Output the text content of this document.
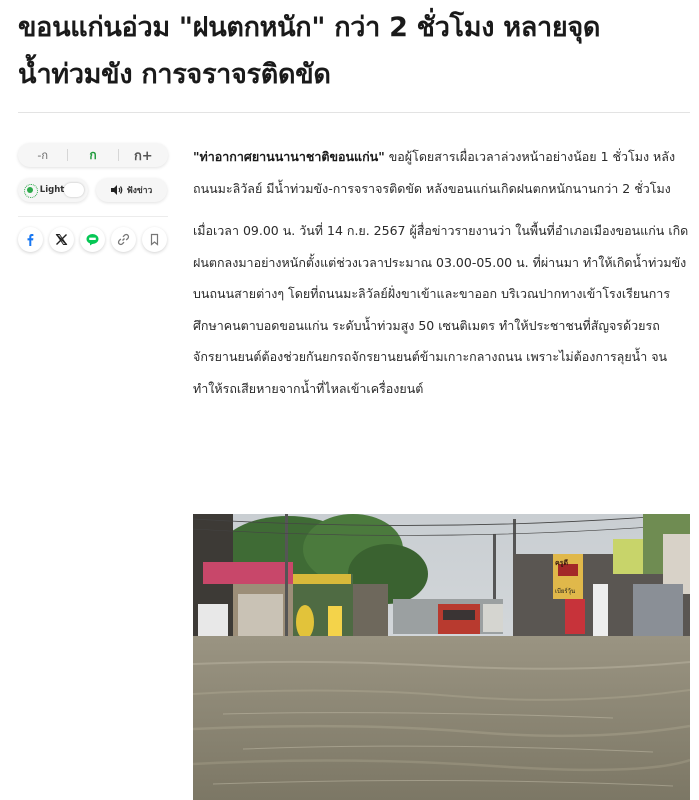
ขอนแก่นอ่วม "ฝนตกหนัก" กว่า 2 ชั่วโมง หลายจุด
น้ำท่วมขัง การจราจรติดขัด
-ก	ก	ก+
Light	ฟังข่าว

"ท่าอากาศยานนานาชาติขอนแก่น" ขอผู้โดยสารเผื่อเวลาล่วงหน้าอย่างน้อย 1 ชั่วโมง หลังถนนมะลิวัลย์ มีน้ำท่วมขัง-การจราจรติดขัด หลังขอนแก่นเกิดฝนตกหนักนานกว่า 2 ชั่วโมง

เมื่อเวลา 09.00 น. วันที่ 14 ก.ย. 2567 ผู้สื่อข่าวรายงานว่า ในพื้นที่อำเภอเมืองขอนแก่น เกิดฝนตกลงมาอย่างหนักตั้งแต่ช่วงเวลาประมาณ 03.00-05.00 น. ที่ผ่านมา ทำให้เกิดน้ำท่วมขังบนถนนสายต่างๆ โดยที่ถนนมะลิวัลย์ฝั่งขาเข้าและขาออก บริเวณปากทางเข้าโรงเรียนการศึกษาคนตาบอดขอนแก่น ระดับน้ำท่วมสูง 50 เซนติเมตร ทำให้ประชาชนที่สัญจรด้วยรถจักรยานยนต์ต้องช่วยกันยกรถจักรยานยนต์ข้ามเกาะกลางถนน เพราะไม่ต้องการลุยน้ำ จนทำให้รถเสียหายจากน้ำที่ไหลเข้าเครื่องยนต์

ครูดี
เบียร์วุ้น
